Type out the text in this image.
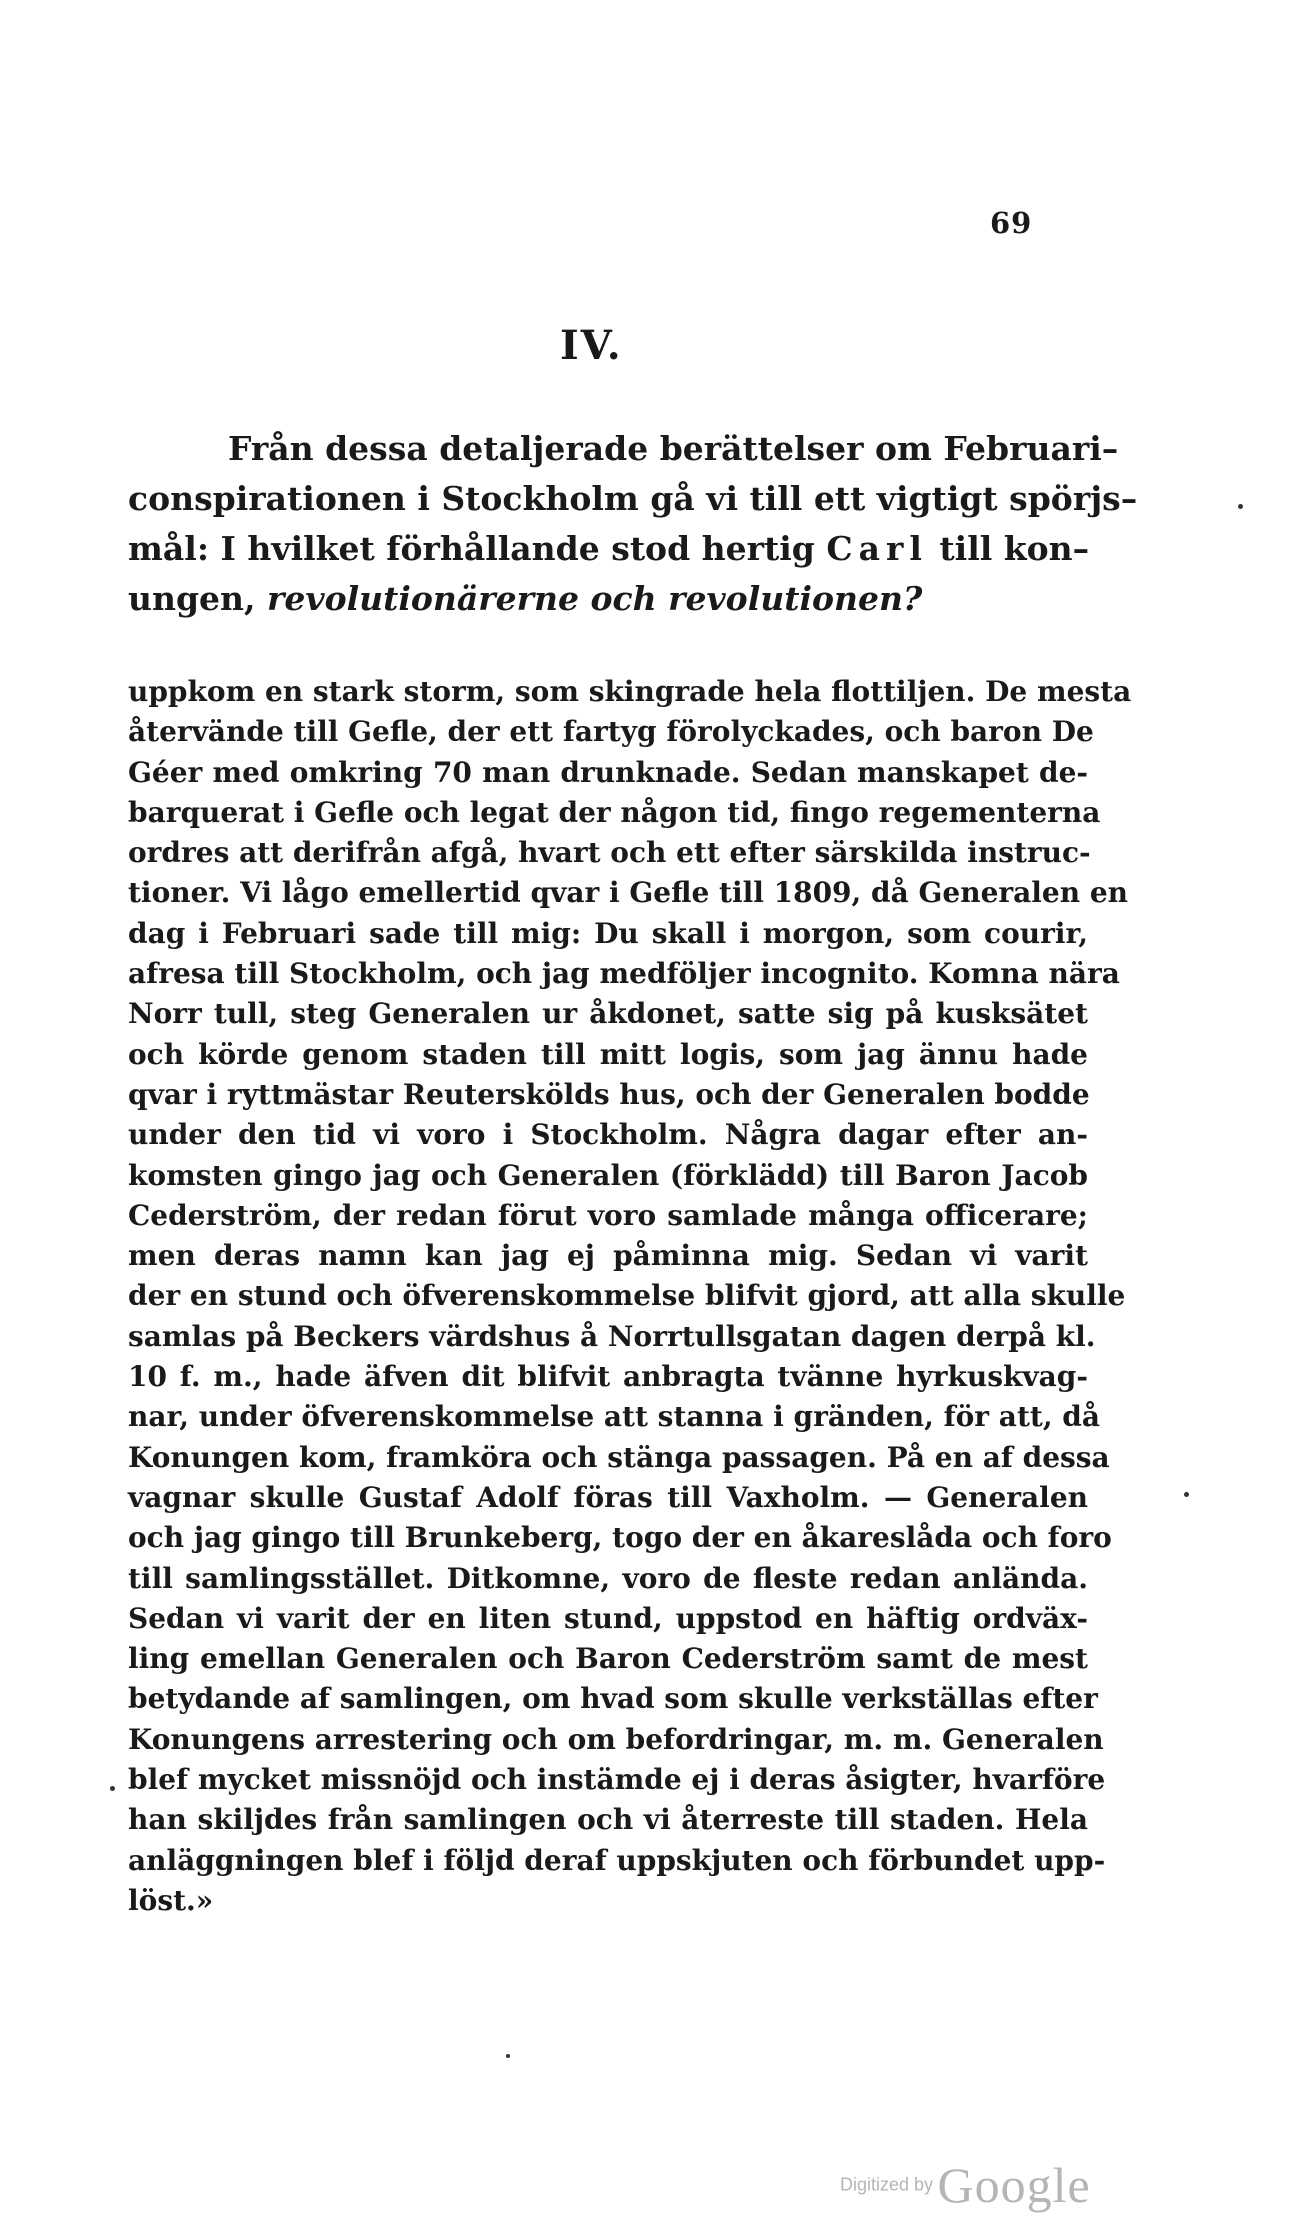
69
IV.
Från dessa detaljerade berättelser om Februari–
conspirationen i Stockholm gå vi till ett vigtigt spörjs–
mål: I hvilket förhållande stod hertig Carl till kon–
ungen, revolutionärerne och revolutionen?
uppkom en stark storm, som skingrade hela flottiljen. De mesta
återvände till Gefle, der ett fartyg förolyckades, och baron De
Géer med omkring 70 man drunknade. Sedan manskapet de-
barquerat i Gefle och legat der någon tid, fingo regementerna
ordres att derifrån afgå, hvart och ett efter särskilda instruc-
tioner. Vi lågo emellertid qvar i Gefle till 1809, då Generalen en
dag i Februari sade till mig: Du skall i morgon, som courir,
afresa till Stockholm, och jag medföljer incognito. Komna nära
Norr tull, steg Generalen ur åkdonet, satte sig på kusksätet
och körde genom staden till mitt logis, som jag ännu hade
qvar i ryttmästar Reuterskölds hus, och der Generalen bodde
under den tid vi voro i Stockholm. Några dagar efter an-
komsten gingo jag och Generalen (förklädd) till Baron Jacob
Cederström, der redan förut voro samlade många officerare;
men deras namn kan jag ej påminna mig. Sedan vi varit
der en stund och öfverenskommelse blifvit gjord, att alla skulle
samlas på Beckers värdshus å Norrtullsgatan dagen derpå kl.
10 f. m., hade äfven dit blifvit anbragta tvänne hyrkuskvag-
nar, under öfverenskommelse att stanna i gränden, för att, då
Konungen kom, framköra och stänga passagen. På en af dessa
vagnar skulle Gustaf Adolf föras till Vaxholm. — Generalen
och jag gingo till Brunkeberg, togo der en åkareslåda och foro
till samlingsstället. Ditkomne, voro de fleste redan anlända.
Sedan vi varit der en liten stund, uppstod en häftig ordväx-
ling emellan Generalen och Baron Cederström samt de mest
betydande af samlingen, om hvad som skulle verkställas efter
Konungens arrestering och om befordringar, m. m. Generalen
blef mycket missnöjd och instämde ej i deras åsigter, hvarföre
han skiljdes från samlingen och vi återreste till staden. Hela
anläggningen blef i följd deraf uppskjuten och förbundet upp-
löst.»
Digitized by Google
